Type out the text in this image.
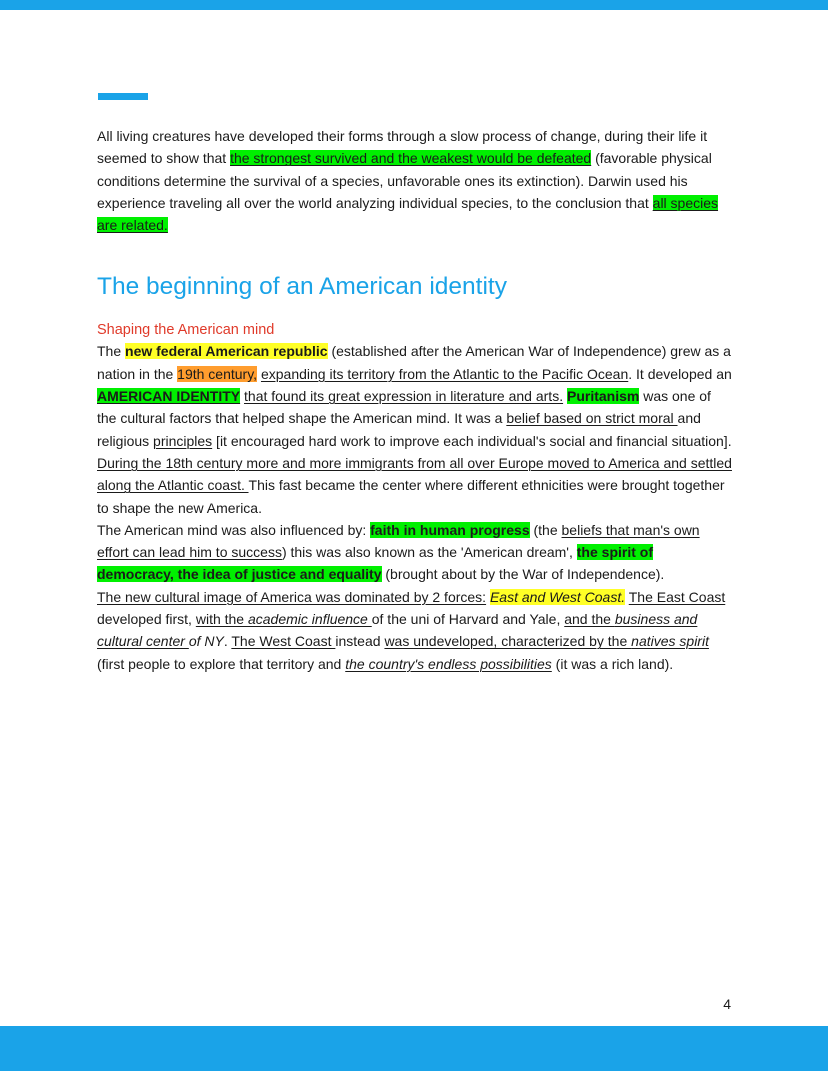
All living creatures have developed their forms through a slow process of change, during their life it seemed to show that the strongest survived and the weakest would be defeated (favorable physical conditions determine the survival of a species, unfavorable ones its extinction). Darwin used his experience traveling all over the world analyzing individual species, to the conclusion that all species are related.

The beginning of an American identity
Shaping the American mind

The new federal American republic (established after the American War of Independence) grew as a nation in the 19th century, expanding its territory from the Atlantic to the Pacific Ocean. It developed an AMERICAN IDENTITY that found its great expression in literature and arts. Puritanism was one of the cultural factors that helped shape the American mind. It was a belief based on strict moral and religious principles [it encouraged hard work to improve each individual's social and financial situation]. During the 18th century more and more immigrants from all over Europe moved to America and settled along the Atlantic coast. This fast became the center where different ethnicities were brought together to shape the new America.

The American mind was also influenced by: faith in human progress (the beliefs that man's own effort can lead him to success) this was also known as the 'American dream', the spirit of democracy, the idea of justice and equality (brought about by the War of Independence).

The new cultural image of America was dominated by 2 forces: East and West Coast. The East Coast developed first, with the academic influence of the uni of Harvard and Yale, and the business and cultural center of NY. The West Coast instead was undeveloped, characterized by the natives spirit (first people to explore that territory and the country's endless possibilities (it was a rich land).

4
